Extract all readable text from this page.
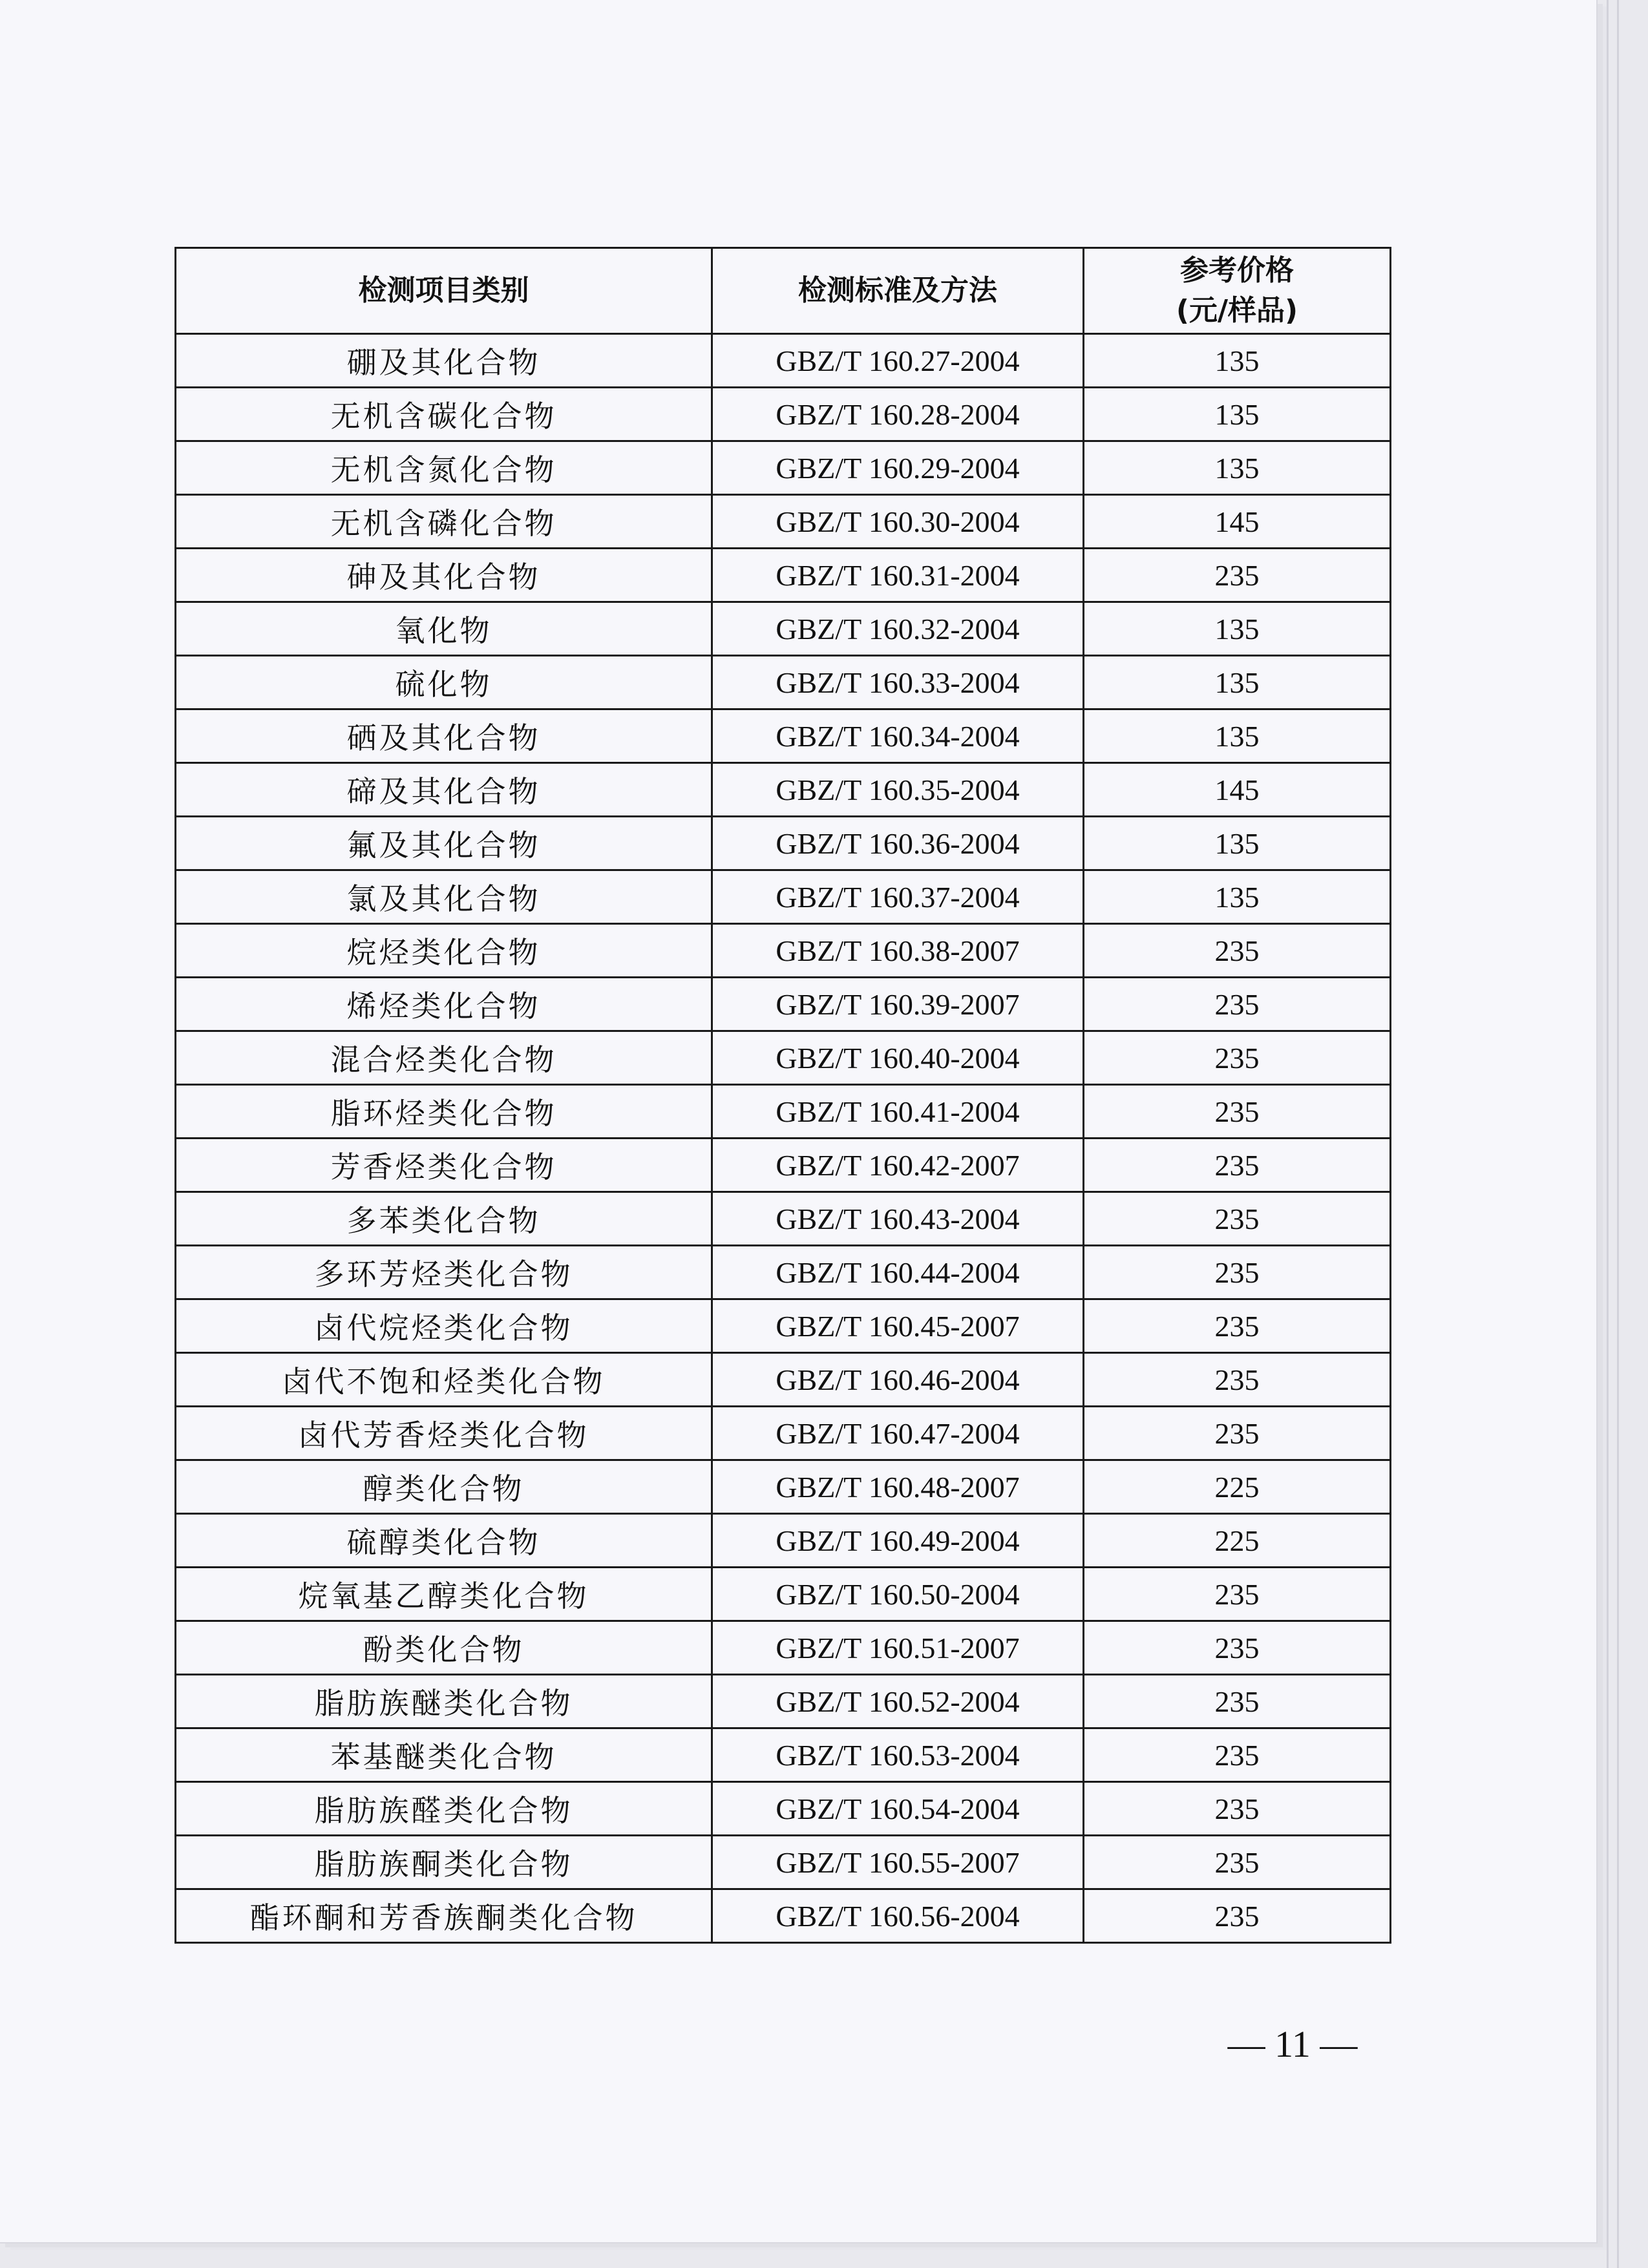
检测项目类别	检测标准及方法	参考价格
(元/样品)

硼及其化合物	GBZ/T 160.27-2004	135
无机含碳化合物	GBZ/T 160.28-2004	135
无机含氮化合物	GBZ/T 160.29-2004	135
无机含磷化合物	GBZ/T 160.30-2004	145
砷及其化合物	GBZ/T 160.31-2004	235
氧化物	GBZ/T 160.32-2004	135
硫化物	GBZ/T 160.33-2004	135
硒及其化合物	GBZ/T 160.34-2004	135
碲及其化合物	GBZ/T 160.35-2004	145
氟及其化合物	GBZ/T 160.36-2004	135
氯及其化合物	GBZ/T 160.37-2004	135
烷烃类化合物	GBZ/T 160.38-2007	235
烯烃类化合物	GBZ/T 160.39-2007	235
混合烃类化合物	GBZ/T 160.40-2004	235
脂环烃类化合物	GBZ/T 160.41-2004	235
芳香烃类化合物	GBZ/T 160.42-2007	235
多苯类化合物	GBZ/T 160.43-2004	235
多环芳烃类化合物	GBZ/T 160.44-2004	235
卤代烷烃类化合物	GBZ/T 160.45-2007	235
卤代不饱和烃类化合物	GBZ/T 160.46-2004	235
卤代芳香烃类化合物	GBZ/T 160.47-2004	235
醇类化合物	GBZ/T 160.48-2007	225
硫醇类化合物	GBZ/T 160.49-2004	225
烷氧基乙醇类化合物	GBZ/T 160.50-2004	235
酚类化合物	GBZ/T 160.51-2007	235
脂肪族醚类化合物	GBZ/T 160.52-2004	235
苯基醚类化合物	GBZ/T 160.53-2004	235
脂肪族醛类化合物	GBZ/T 160.54-2004	235
脂肪族酮类化合物	GBZ/T 160.55-2007	235
酯环酮和芳香族酮类化合物	GBZ/T 160.56-2004	235
— 11 —
